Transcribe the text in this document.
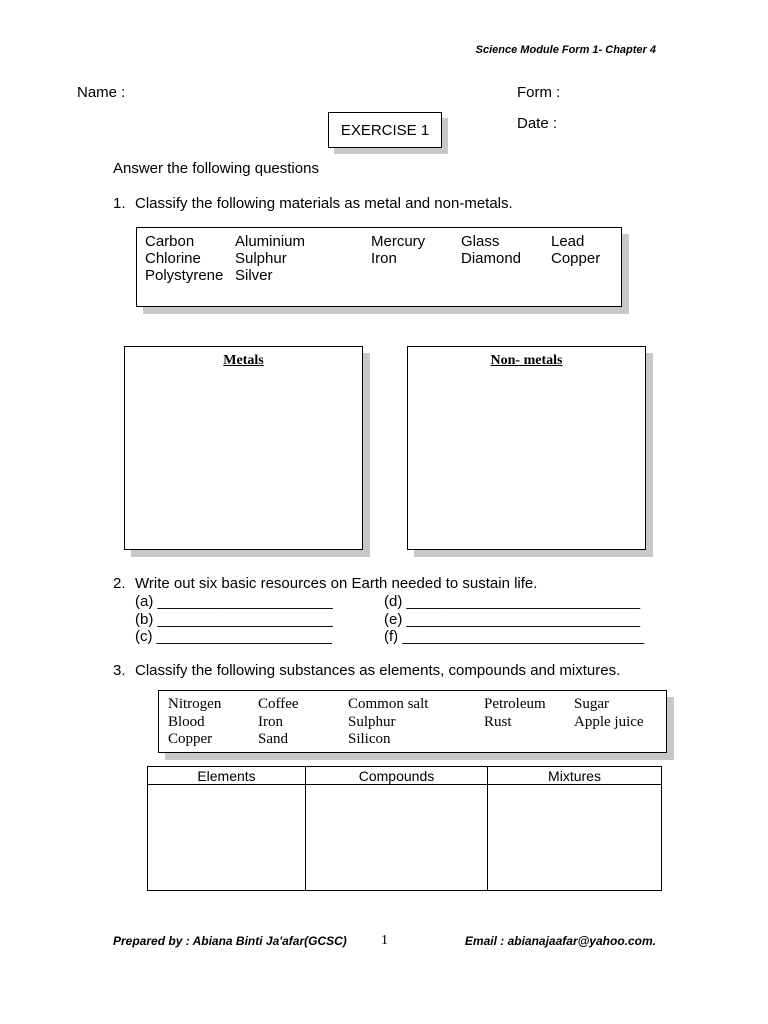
Science Module Form 1- Chapter 4
Name :	Form :
Date :
EXERCISE 1
Answer the following questions
1. Classify the following materials as metal and non-metals.
Carbon	Aluminium	Mercury	Glass	Lead
Chlorine	Sulphur	Iron	Diamond	Copper
Polystyrene Silver
Metals	Non- metals
2. Write out six basic resources on Earth needed to sustain life.
(a) _____________________
(b) _____________________
(c) _____________________
(d) ____________________________
(e) ____________________________
(f) _____________________________
3. Classify the following substances as elements, compounds and mixtures.
Nitrogen	Coffee	Common salt	Petroleum	Sugar
Blood	Iron	Sulphur	Rust	Apple juice
Copper	Sand	Silicon
Elements	Compounds	Mixtures

Prepared by : Abiana Binti Ja'afar(GCSC) 1	Email : abianajaafar@yahoo.com.
